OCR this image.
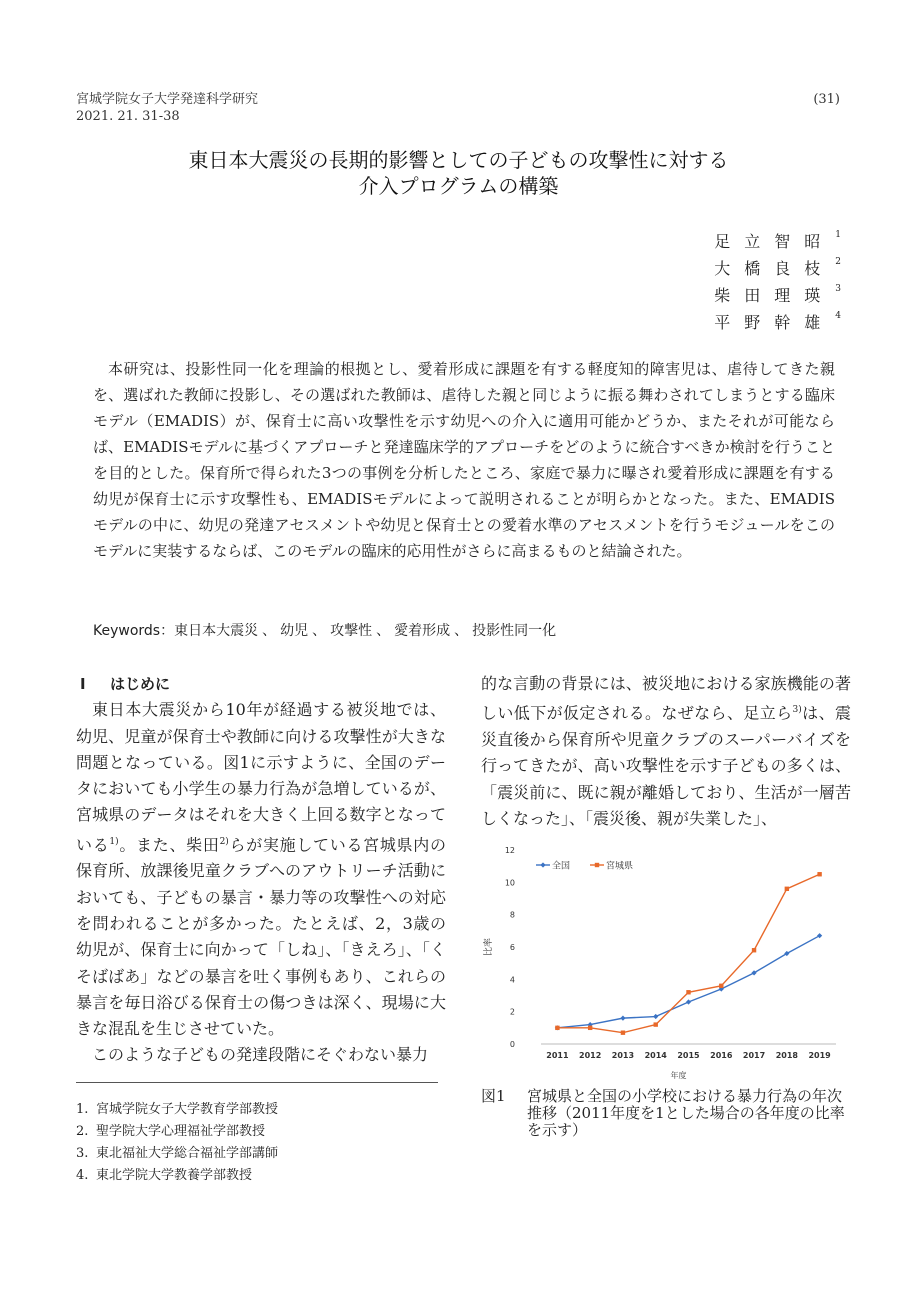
宮城学院女子大学発達科学研究
2021. 21. 31-38
(31)
東日本大震災の長期的影響としての子どもの攻撃性に対する
介入プログラムの構築
足立智昭$^1$
大橋良枝$^2$
柴田理瑛$^3$
平野幹雄$^4$

本研究は、投影性同一化を理論的根拠とし、愛着形成に課題を有する軽度知的障害児は、虐待してきた親を、選ばれた教師に投影し、その選ばれた教師は、虐待した親と同じように振る舞わされてしまうとする臨床モデル（EMADIS）が、保育士に高い攻撃性を示す幼児への介入に適用可能かどうか、またそれが可能ならば、EMADISモデルに基づくアプローチと発達臨床学的アプローチをどのように統合すべきか検討を行うことを目的とした。保育所で得られた3つの事例を分析したところ、家庭で暴力に曝され愛着形成に課題を有する幼児が保育士に示す攻撃性も、EMADISモデルによって説明されることが明らかとなった。また、EMADISモデルの中に、幼児の発達アセスメントや幼児と保育士との愛着水準のアセスメントを行うモジュールをこのモデルに実装するならば、このモデルの臨床的応用性がさらに高まるものと結論された。

Keywords：東日本大震災 、 幼児 、 攻撃性 、 愛着形成 、 投影性同一化
I はじめに

東日本大震災から10年が経過する被災地では、幼児、児童が保育士や教師に向ける攻撃性が大きな問題となっている。図1に示すように、全国のデータにおいても小学生の暴力行為が急増しているが、宮城県のデータはそれを大きく上回る数字となっている$^{1)}$。また、柴田$^{2)}$らが実施している宮城県内の保育所、放課後児童クラブへのアウトリーチ活動においても、子どもの暴言・暴力等の攻撃性への対応を問われることが多かった。たとえば、2，3歳の幼児が、保育士に向かって「しね」、「きえろ」、「くそばばあ」などの暴言を吐く事例もあり、これらの暴言を毎日浴びる保育士の傷つきは深く、現場に大きな混乱を生じさせていた。

このような子どもの発達段階にそぐわない暴力

的な言動の背景には、被災地における家族機能の著しい低下が仮定される。なぜなら、足立ら$^{3)}$は、震災直後から保育所や児童クラブのスーパーバイズを行ってきたが、高い攻撃性を示す子どもの多くは、「震災前に、既に親が離婚しており、生活が一層苦しくなった」、「震災後、親が失業した」、

0
2
4
6
8
10
12
2011 2012 2013 2014 2015 2016 2017 2018 2019
比率
年度
全国	宮城県
図1 宮城県と全国の小学校における暴力行為の年次推移（2011年度を1とした場合の各年度の比率を示す）
1. 宮城学院女子大学教育学部教授
2. 聖学院大学心理福祉学部教授
3. 東北福祉大学総合福祉学部講師
4. 東北学院大学教養学部教授
